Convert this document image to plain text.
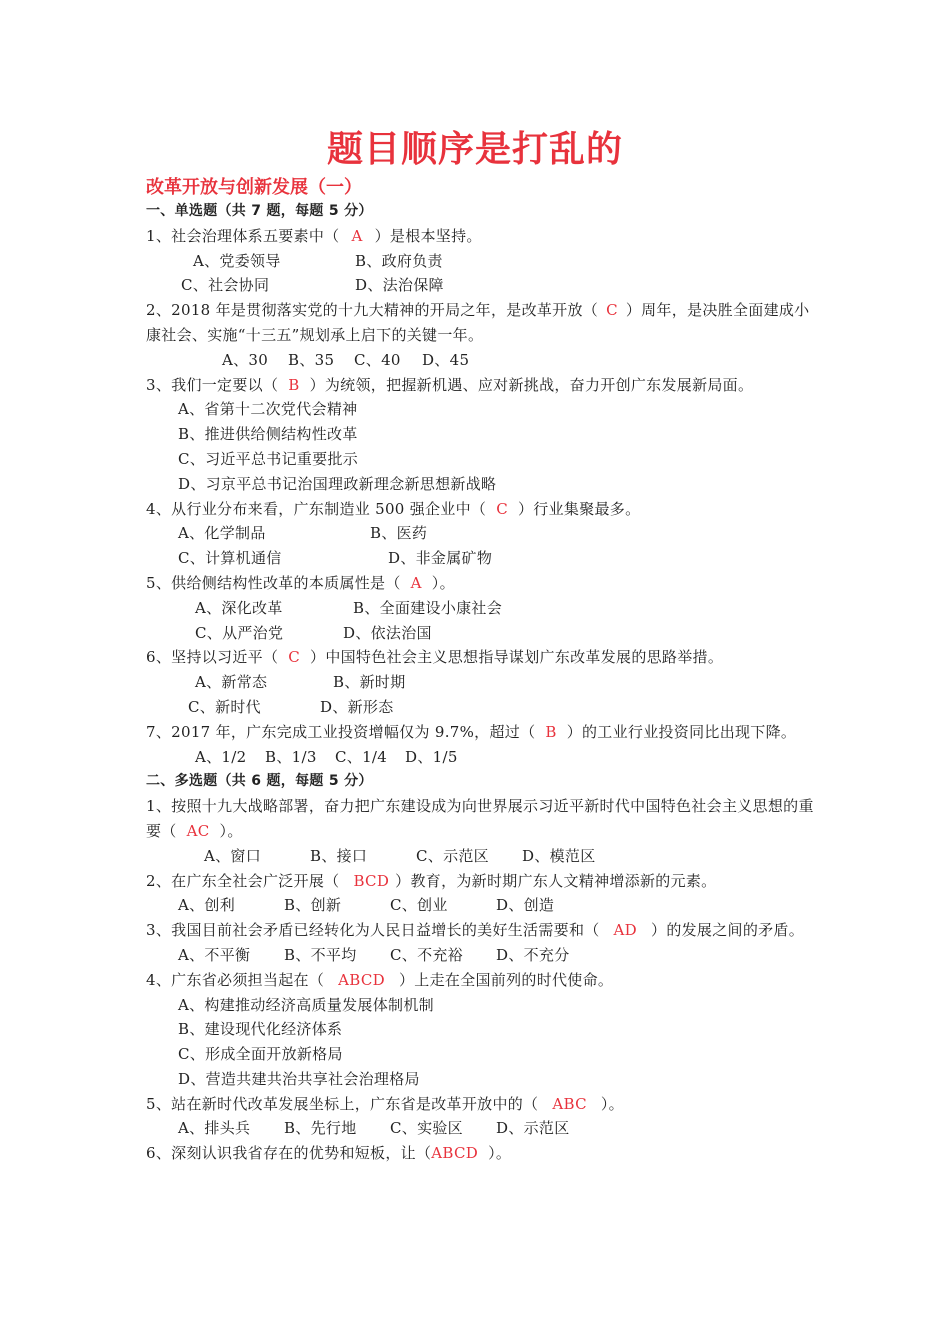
题目顺序是打乱的
改革开放与创新发展（一）
一、单选题（共 7 题，每题 5 分）
1、社会治理体系五要素中（ A ）是根本坚持。
A、党委领导	B、政府负责
C、社会协同	D、法治保障
2、2018 年是贯彻落实党的十九大精神的开局之年，是改革开放（ C ）周年，是决胜全面建成小康社会、实施“十三五”规划承上启下的关键一年。
A、30 B、35 C、40 D、45
3、我们一定要以（ B ）为统领，把握新机遇、应对新挑战，奋力开创广东发展新局面。
A、省第十二次党代会精神
B、推进供给侧结构性改革
C、习近平总书记重要批示
D、习京平总书记治国理政新理念新思想新战略
4、从行业分布来看，广东制造业 500 强企业中（ C ）行业集聚最多。
A、化学制品	B、医药
C、计算机通信	D、非金属矿物
5、供给侧结构性改革的本质属性是（ A ）。
A、深化改革	B、全面建设小康社会
C、从严治党	D、依法治国
6、坚持以习近平（ C ）中国特色社会主义思想指导谋划广东改革发展的思路举措。
A、新常态	B、新时期
C、新时代	D、新形态
7、2017 年，广东完成工业投资增幅仅为 9.7%，超过（ B ）的工业行业投资同比出现下降。
A、1/2 B、1/3 C、1/4 D、1/5
二、多选题（共 6 题，每题 5 分）
1、按照十九大战略部署，奋力把广东建设成为向世界展示习近平新时代中国特色社会主义思想的重要（ AC ）。
A、窗口	B、接口	C、示范区 D、模范区
2、在广东全社会广泛开展（ BCD ）教育，为新时期广东人文精神增添新的元素。
A、创利	B、创新	C、创业	D、创造
3、我国目前社会矛盾已经转化为人民日益增长的美好生活需要和（ AD ）的发展之间的矛盾。
A、不平衡 B、不平均 C、不充裕 D、不充分
4、广东省必须担当起在（ ABCD ）上走在全国前列的时代使命。
A、构建推动经济高质量发展体制机制
B、建设现代化经济体系
C、形成全面开放新格局
D、营造共建共治共享社会治理格局
5、站在新时代改革发展坐标上，广东省是改革开放中的（ ABC ）。
A、排头兵 B、先行地 C、实验区 D、示范区
6、深刻认识我省存在的优势和短板，让（ABCD ）。
